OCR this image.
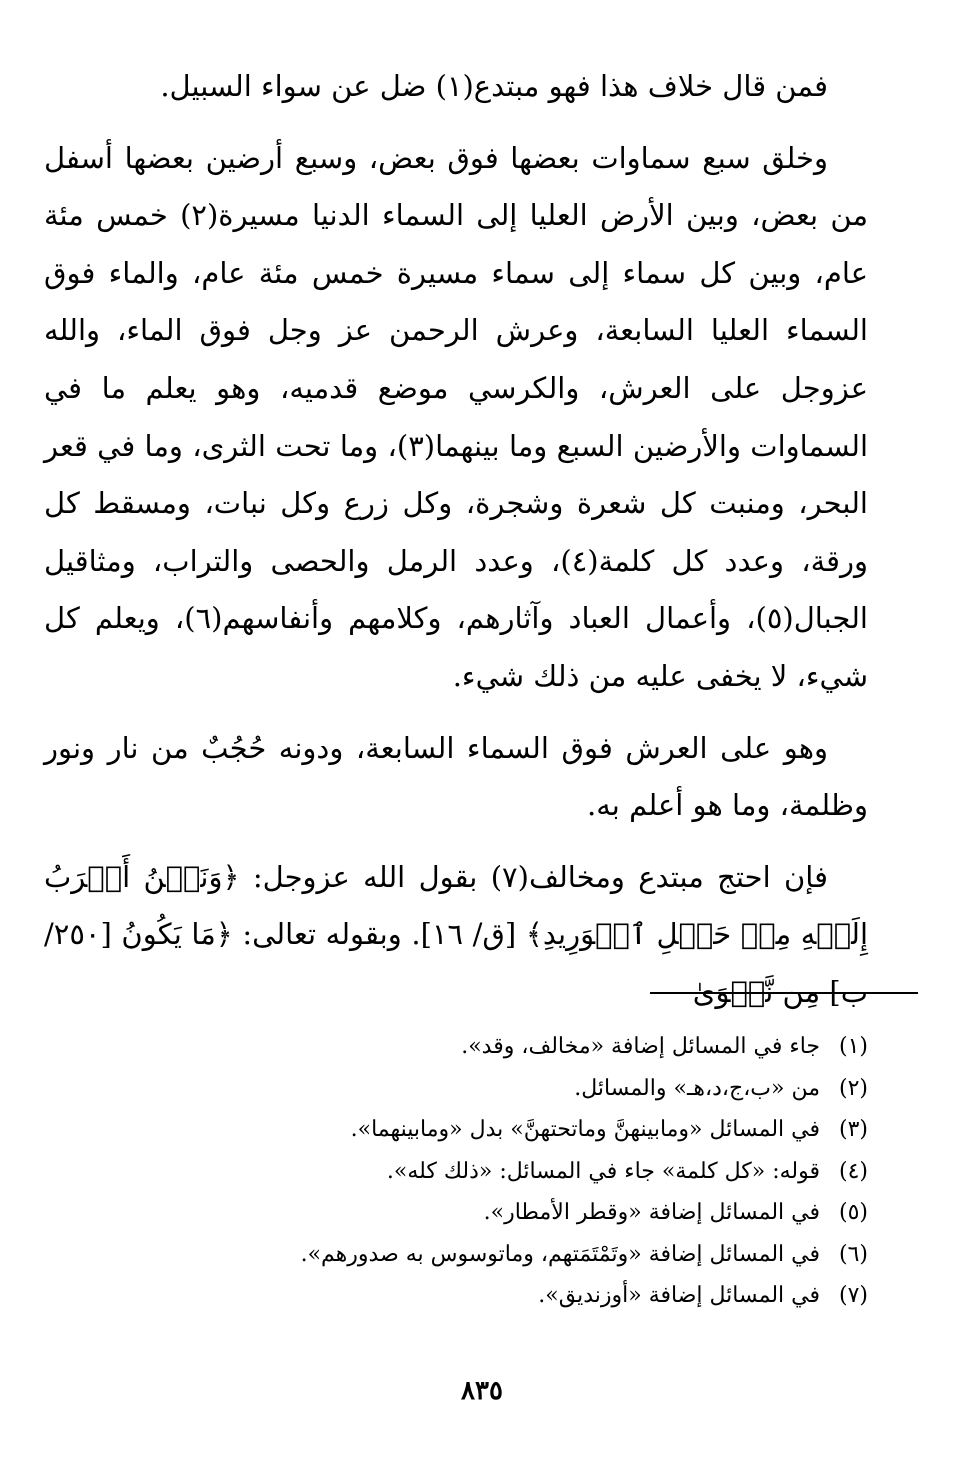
فمن قال خلاف هذا فهو مبتدع(١) ضل عن سواء السبيل.

وخلق سبع سماوات بعضها فوق بعض، وسبع أرضين بعضها أسفل من بعض، وبين الأرض العليا إلى السماء الدنيا مسيرة(٢) خمس مئة عام، وبين كل سماء إلى سماء مسيرة خمس مئة عام، والماء فوق السماء العليا السابعة، وعرش الرحمن عز وجل فوق الماء، والله عزوجل على العرش، والكرسي موضع قدميه، وهو يعلم ما في السماوات والأرضين السبع وما بينهما(٣)، وما تحت الثرى، وما في قعر البحر، ومنبت كل شعرة وشجرة، وكل زرع وكل نبات، ومسقط كل ورقة، وعدد كل كلمة(٤)، وعدد الرمل والحصى والتراب، ومثاقيل الجبال(٥)، وأعمال العباد وآثارهم، وكلامهم وأنفاسهم(٦)، ويعلم كل شيء، لا يخفى عليه من ذلك شيء.

وهو على العرش فوق السماء السابعة، ودونه حُجُبٌ من نار ونور وظلمة، وما هو أعلم به.

فإن احتج مبتدع ومخالف(٧) بقول الله عزوجل: ﴿وَنَحۡنُ أَقۡرَبُ إِلَيۡهِ مِنۡ حَبۡلِ ٱلۡوَرِيدِ﴾ [ق/ ١٦]. وبقوله تعالى: ﴿مَا يَكُونُ [٢٥٠/ب] مِن نَّجۡوَىٰ

(١)جاء في المسائل إضافة «مخالف، وقد».

(٢)من «ب،ج،د،هـ» والمسائل.

(٣)في المسائل «ومابينهنَّ وماتحتهنَّ» بدل «ومابينهما».

(٤)قوله: «كل كلمة» جاء في المسائل: «ذلك كله».

(٥)في المسائل إضافة «وقطر الأمطار».

(٦)في المسائل إضافة «وتَمْتَمَتهم، وماتوسوس به صدورهم».

(٧)في المسائل إضافة «أوزنديق».

٨٣٥
